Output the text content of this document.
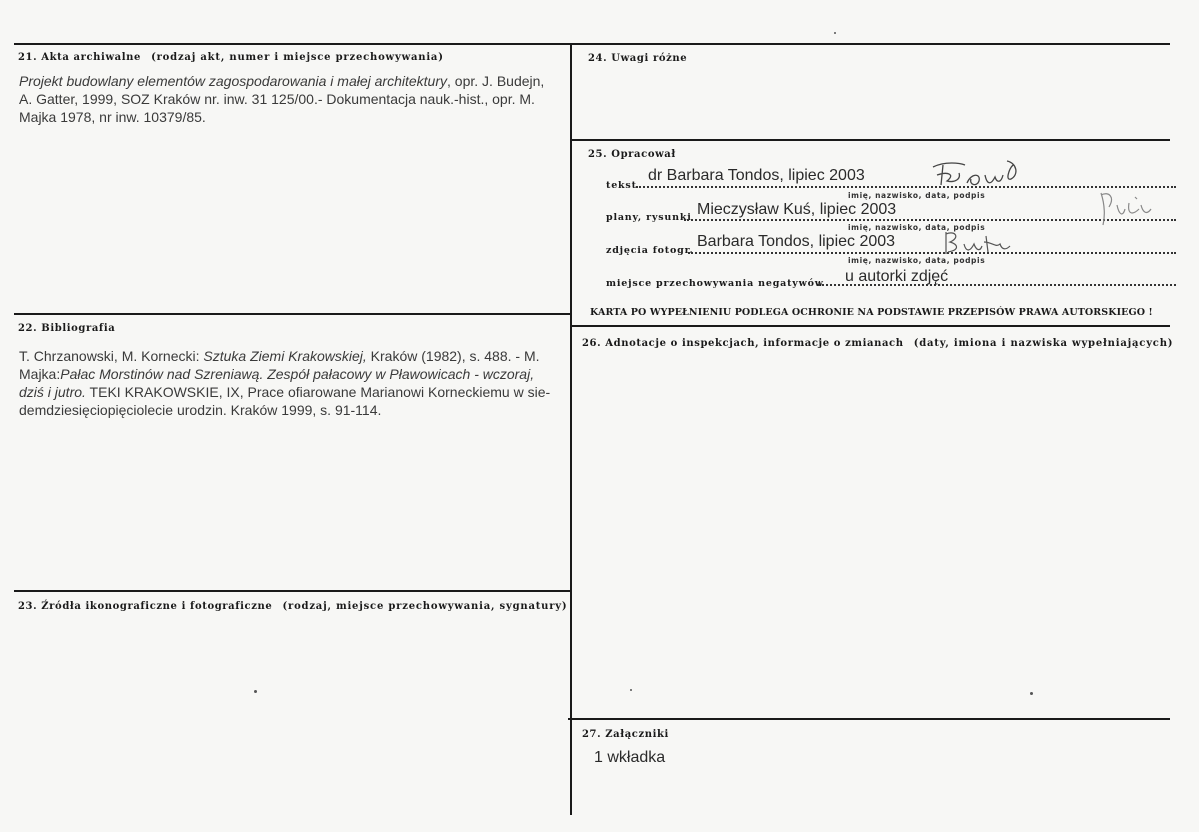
21. Akta archiwalne (rodzaj akt, numer i miejsce przechowywania)
Projekt budowlany elementów zagospodarowania i małej architektury, opr. J. Budejn,
A. Gatter, 1999, SOZ Kraków nr. inw. 31 125/00.- Dokumentacja nauk.-hist., opr. M.
Majka 1978, nr inw. 10379/85.
22. Bibliografia
T. Chrzanowski, M. Kornecki: Sztuka Ziemi Krakowskiej, Kraków (1982), s. 488. - M.
Majka:Pałac Morstinów nad Szreniawą. Zespół pałacowy w Pławowicach - wczoraj,
dziś i jutro. TEKI KRAKOWSKIE, IX, Prace ofiarowane Marianowi Korneckiemu w sie-
demdziesięciopięciolecie urodzin. Kraków 1999, s. 91-114.
23. Źródła ikonograficzne i fotograficzne (rodzaj, miejsce przechowywania, sygnatury)
24. Uwagi różne
25. Opracował
tekst
dr Barbara Tondos, lipiec 2003
imię, nazwisko, data, podpis
plany, rysunki Mieczysław Kuś, lipiec 2003
imię, nazwisko, data, podpis
zdjęcia fotogr.
Barbara Tondos, lipiec 2003
imię, nazwisko, data, podpis
miejsce przechowywania negatywów u autorki zdjęć
KARTA PO WYPEŁNIENIU PODLEGA OCHRONIE NA PODSTAWIE PRZEPISÓW PRAWA AUTORSKIEGO !
26. Adnotacje o inspekcjach, informacje o zmianach (daty, imiona i nazwiska wypełniających)
27. Załączniki
1 wkładka
